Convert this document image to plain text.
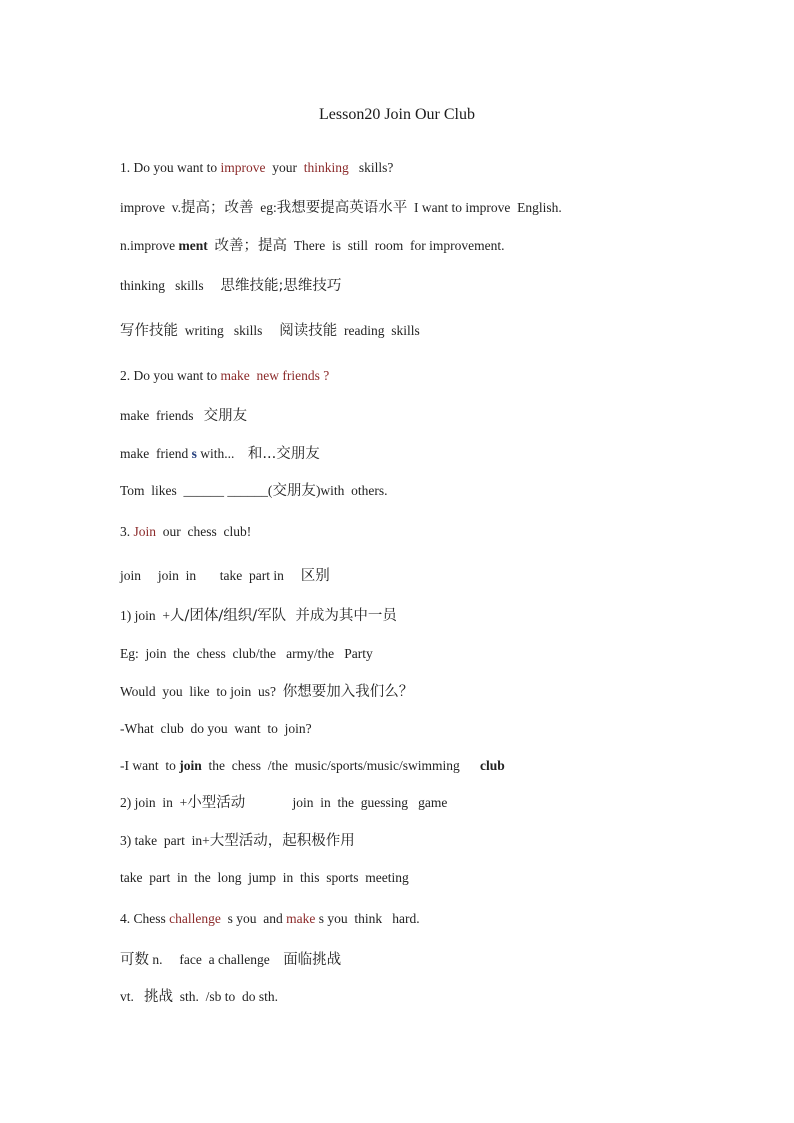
Lesson20 Join Our Club
1. Do you want to improve  your  thinking   skills?
improve  v.提高；改善  eg:我想要提高英语水平  I want to improve  English.
n.improve ment 改善；提高  There  is  still  room  for improvement.
thinking   skills     思维技能;思维技巧
写作技能  writing   skills     阅读技能  reading  skills
2. Do you want to make  new friends ?
make  friends   交朋友
make  friend s with...    和...交朋友
Tom  likes  ______ ______(交朋友)with  others.
3. Join  our  chess  club!
join     join  in       take  part in     区别
1) join  +人/团体/组织/军队  并成为其中一员
Eg:  join  the  chess  club/the   army/the   Party
Would  you  like  to join  us?  你想要加入我们么？
-What  club  do you  want  to  join?
-I want  to join  the  chess  /the  music/sports/music/swimming      club
2) join  in  +小型活动              join  in  the  guessing   game
3) take  part  in+大型活动，起积极作用
take  part  in  the  long  jump  in  this  sports  meeting
4. Chess challenge  s you  and make s you  think   hard.
可数 n.     face  a challenge    面临挑战
vt.   挑战  sth.  /sb to  do sth.
